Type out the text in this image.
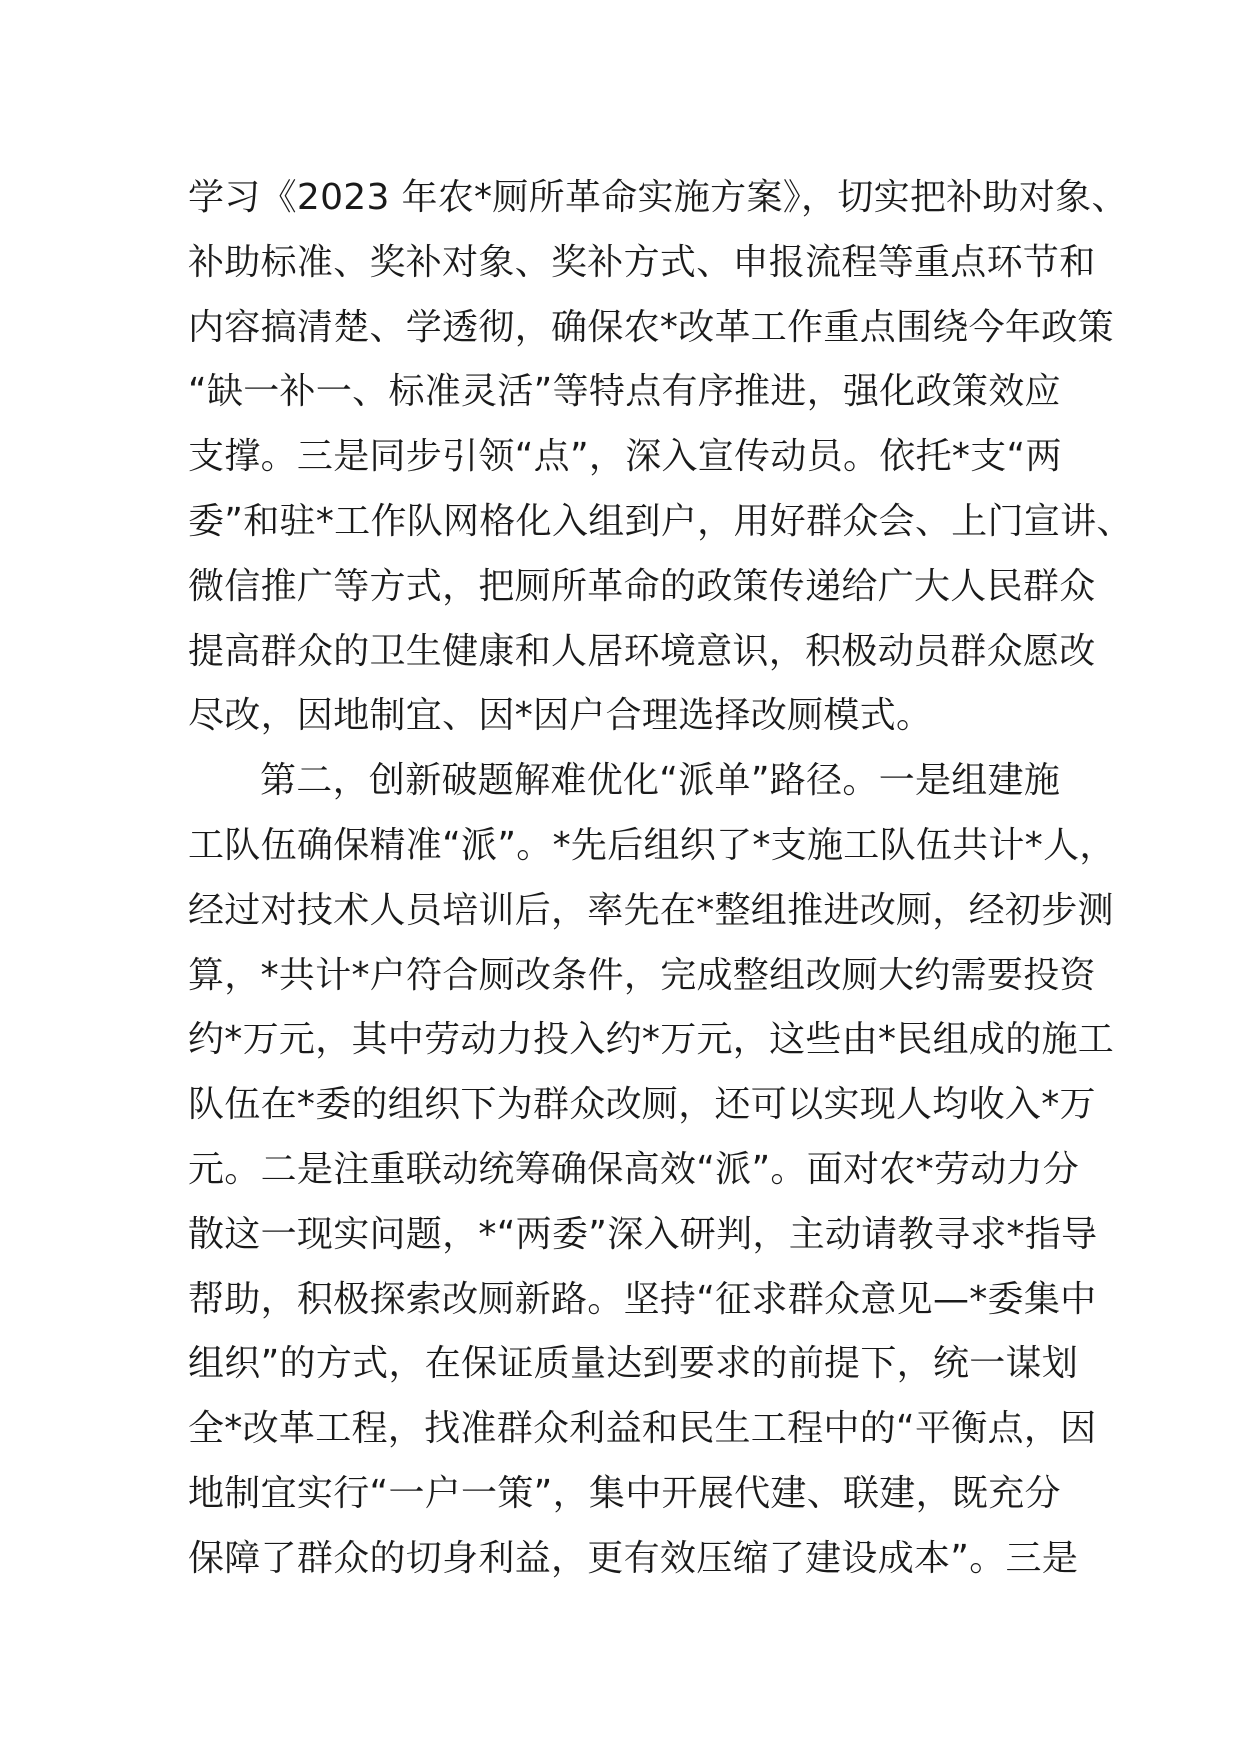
学习《2023 年农*厕所革命实施方案》，切实把补助对象、
补助标准、奖补对象、奖补方式、申报流程等重点环节和
内容搞清楚、学透彻，确保农*改革工作重点围绕今年政策
“缺一补一、标准灵活”等特点有序推进，强化政策效应
支撑。三是同步引领“点”，深入宣传动员。依托*支“两
委”和驻*工作队网格化入组到户，用好群众会、上门宣讲、
微信推广等方式，把厕所革命的政策传递给广大人民群众
提高群众的卫生健康和人居环境意识，积极动员群众愿改
尽改，因地制宜、因*因户合理选择改厕模式。
第二，创新破题解难优化“派单”路径。一是组建施
工队伍确保精准“派”。*先后组织了*支施工队伍共计*人，
经过对技术人员培训后，率先在*整组推进改厕，经初步测
算，*共计*户符合厕改条件，完成整组改厕大约需要投资
约*万元，其中劳动力投入约*万元，这些由*民组成的施工
队伍在*委的组织下为群众改厕，还可以实现人均收入*万
元。二是注重联动统筹确保高效“派”。面对农*劳动力分
散这一现实问题，*“两委”深入研判，主动请教寻求*指导
帮助，积极探索改厕新路。坚持“征求群众意见—*委集中
组织”的方式，在保证质量达到要求的前提下，统一谋划
全*改革工程，找准群众利益和民生工程中的“平衡点，因
地制宜实行“一户一策”，集中开展代建、联建，既充分
保障了群众的切身利益，更有效压缩了建设成本”。三是
